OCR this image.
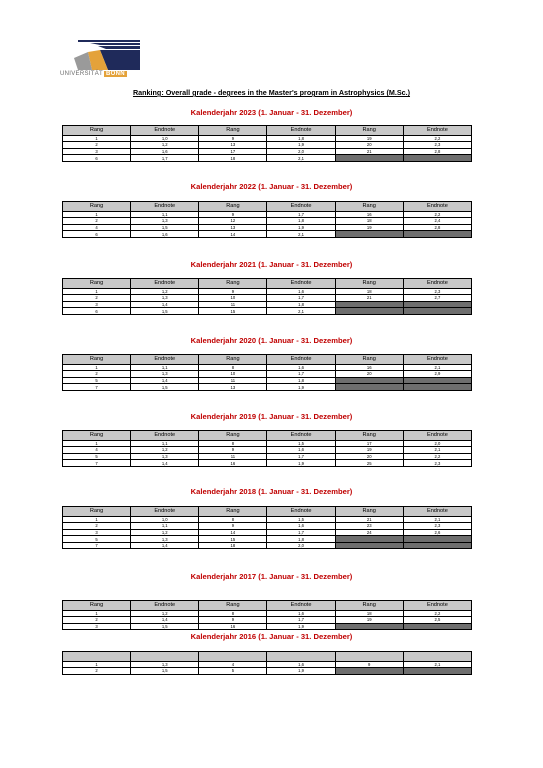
UNIVERSITÄT BONN
Ranking: Overall grade - degrees in the Master's program in Astrophysics (M.Sc.)
Kalenderjahr 2023 (1. Januar - 31. Dezember)
Rang	Endnote	Rang	Endnote	Rang	Endnote
1	1,0	9	1,8	19	2,2
2	1,2	13	1,9	20	2,3
3	1,6	17	2,0	21	2,8
6	1,7	18	2,1		
Kalenderjahr 2022 (1. Januar - 31. Dezember)
Rang	Endnote	Rang	Endnote	Rang	Endnote
1	1,1	9	1,7	16	2,2
2	1,3	12	1,8	18	2,4
4	1,5	13	1,9	19	2,8
6	1,6	14	2,1		
Kalenderjahr 2021 (1. Januar - 31. Dezember)
Rang	Endnote	Rang	Endnote	Rang	Endnote
1	1,2	9	1,6	18	2,3
2	1,3	10	1,7	21	2,7
3	1,4	11	1,8		
6	1,5	15	2,1		
Kalenderjahr 2020 (1. Januar - 31. Dezember)
Rang	Endnote	Rang	Endnote	Rang	Endnote
1	1,1	8	1,6	16	2,1
2	1,3	10	1,7	20	2,9
5	1,4	11	1,8		
7	1,5	13	1,9		
Kalenderjahr 2019 (1. Januar - 31. Dezember)
Rang	Endnote	Rang	Endnote	Rang	Endnote
1	1,1	8	1,5	17	2,0
4	1,2	9	1,6	19	2,1
5	1,3	11	1,7	20	2,2
7	1,4	16	1,9	25	2,3
Kalenderjahr 2018 (1. Januar - 31. Dezember)
Rang	Endnote	Rang	Endnote	Rang	Endnote
1	1,0	8	1,5	21	2,1
2	1,1	9	1,6	23	2,3
3	1,2	14	1,7	24	2,6
5	1,3	15	1,8		
7	1,4	18	2,0		
Kalenderjahr 2017 (1. Januar - 31. Dezember)
Rang	Endnote	Rang	Endnote	Rang	Endnote
1	1,2	8	1,6	18	2,2
2	1,4	9	1,7	19	2,5
3	1,5	16	1,9		
Kalenderjahr 2016 (1. Januar - 31. Dezember)

1	1,3	4	1,6	9	2,1
2	1,5	5	1,9		
